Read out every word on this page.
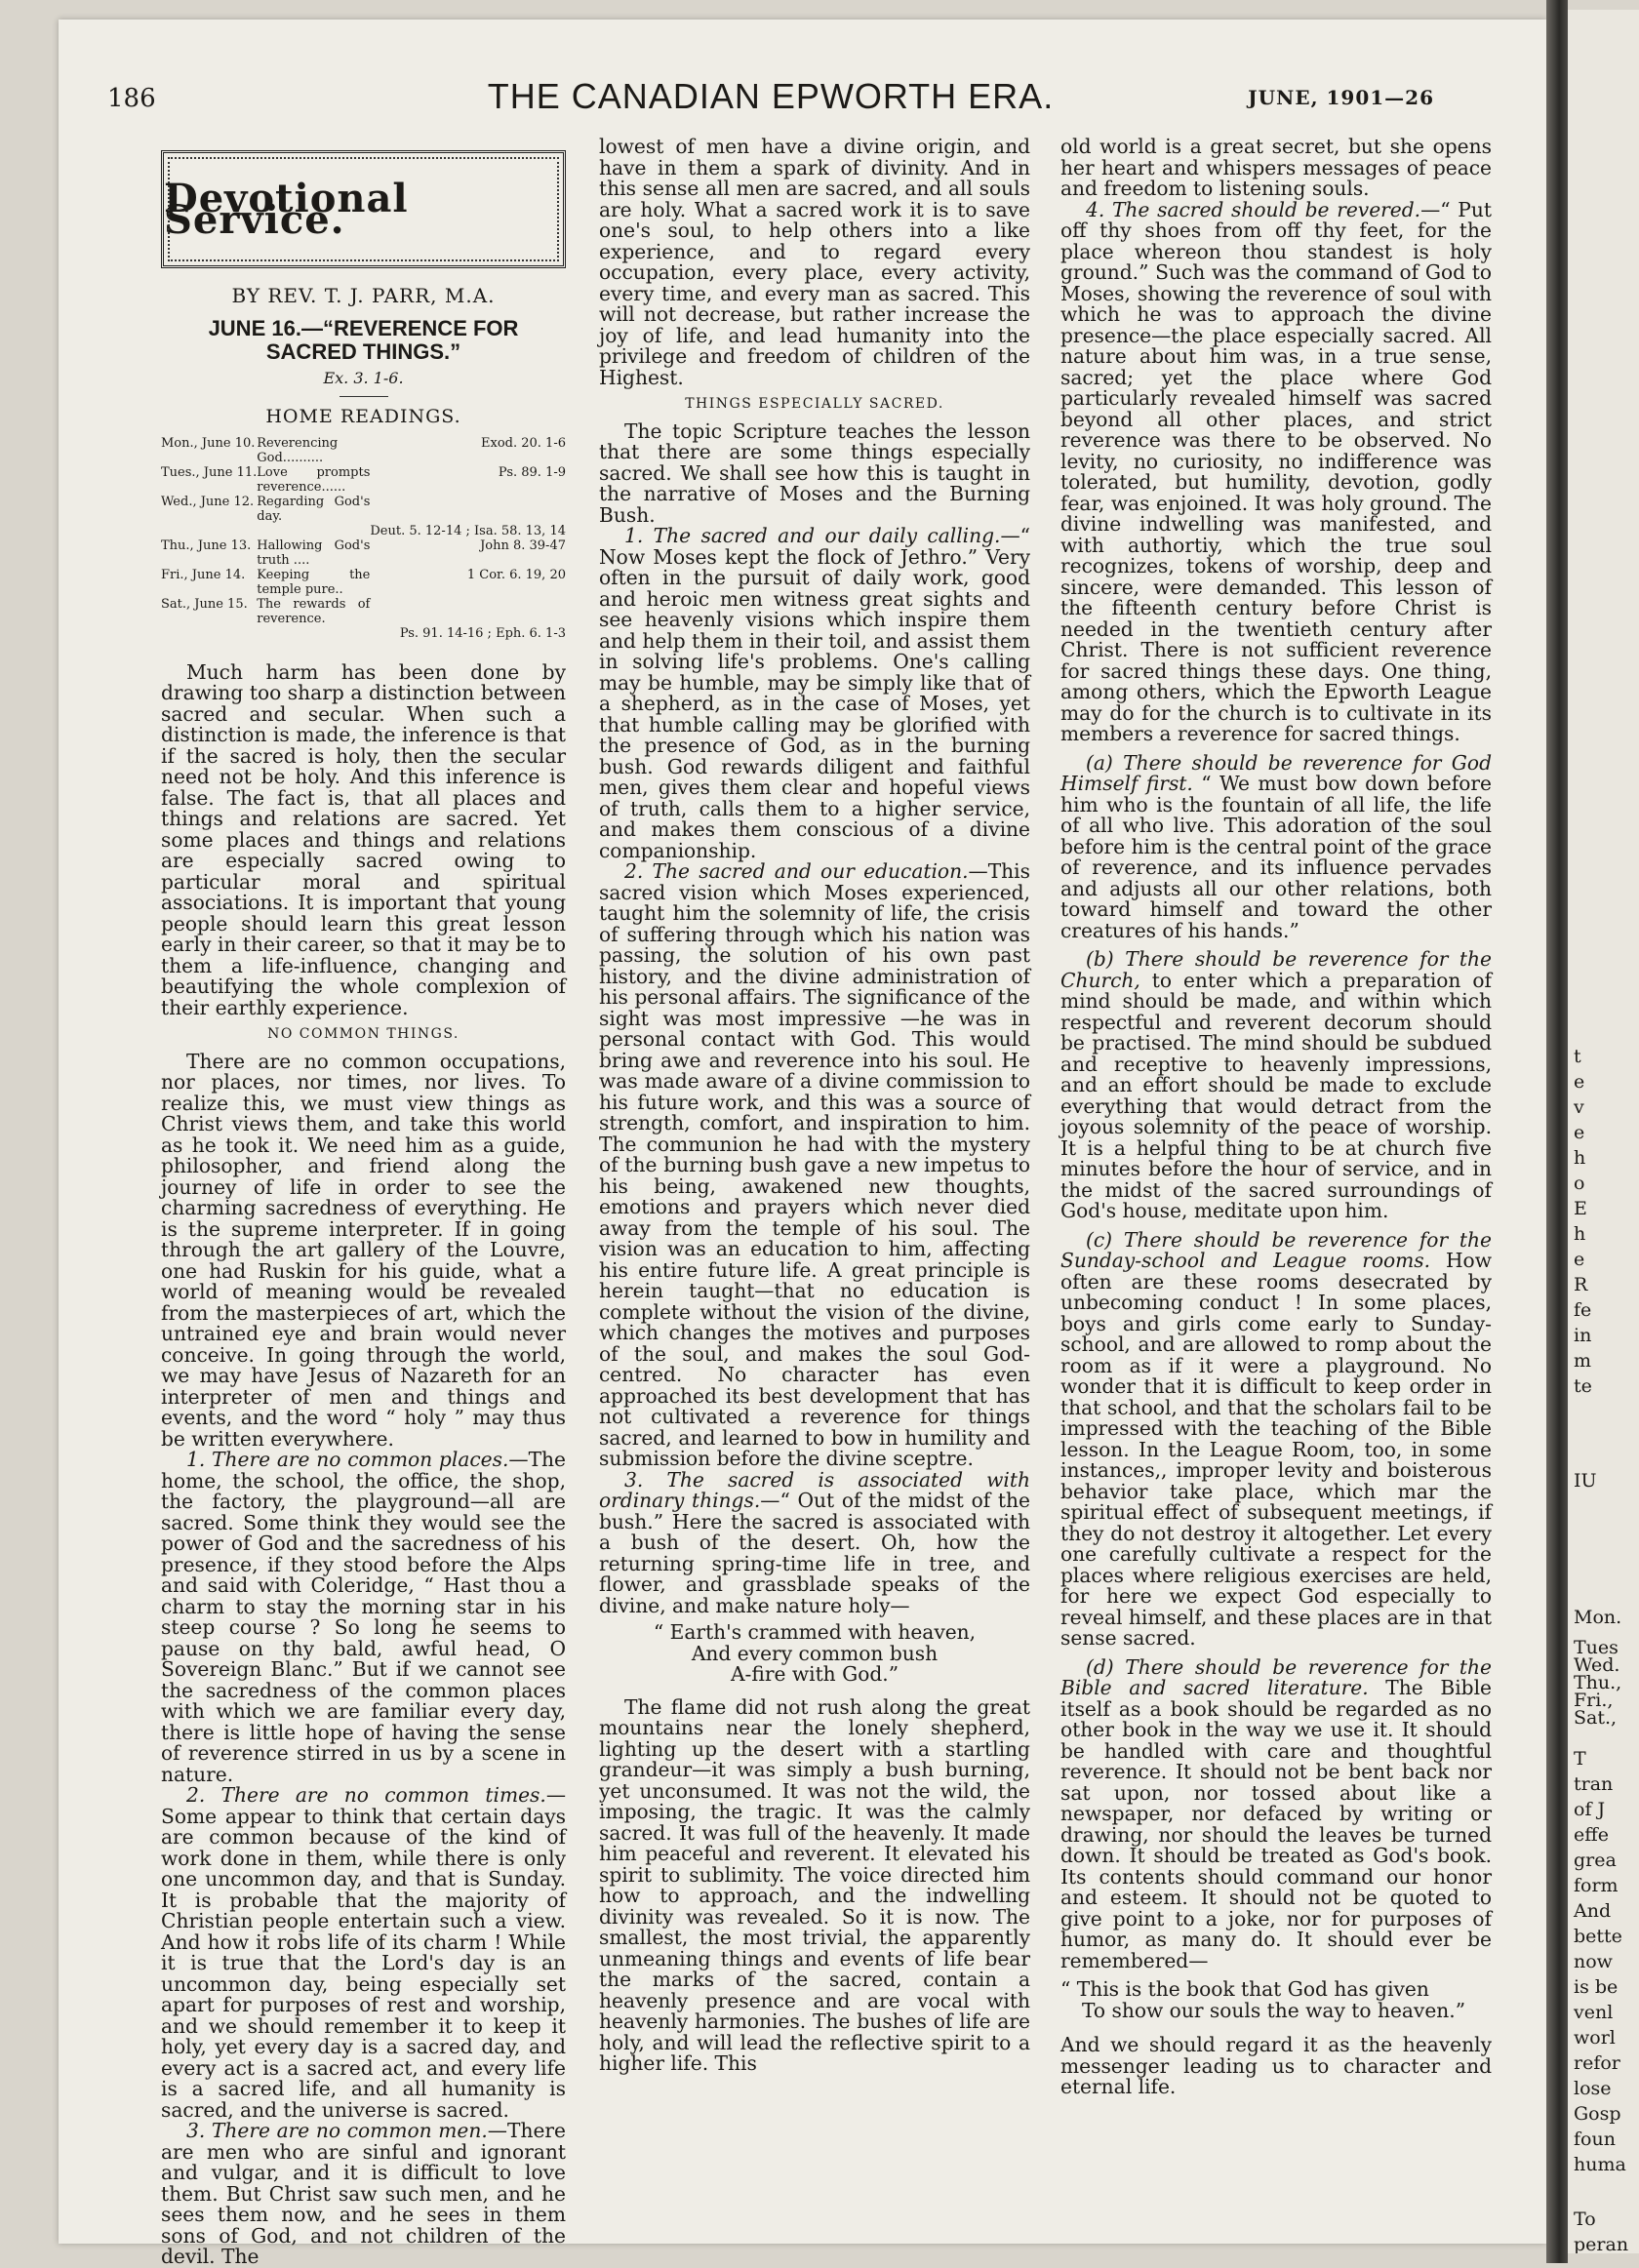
t
e
v
e
h
o
E
h
e
R
fe
in
m
te
IU
Mon.
Tues
Wed.
Thu.,
Fri.,
Sat.,
T
tran
of J
effe
grea
form
And
bette
now
is be
venl
worl
refor
lose
Gosp
foun
huma
To
peran
186	THE CANADIAN EPWORTH ERA.	JUNE, 1901—26
Devotional Service.
BY REV. T. J. PARR, M.A.
JUNE 16.—“REVERENCE FOR SACRED THINGS.”
Ex. 3. 1-6.
HOME READINGS.
Mon., June 10.	Reverencing God..........	Exod. 20. 1-6
Tues., June 11.	Love prompts reverence......	Ps. 89. 1-9
Wed., June 12.	Regarding God's day.	
		Deut. 5. 12-14 ; Isa. 58. 13, 14
Thu., June 13.	Hallowing God's truth ....	John 8. 39-47
Fri., June 14.	Keeping the temple pure..	1 Cor. 6. 19, 20
Sat., June 15.	The rewards of reverence.	
		Ps. 91. 14-16 ; Eph. 6. 1-3

Much harm has been done by drawing too sharp a distinction between sacred and secular. When such a distinction is made, the inference is that if the sacred is holy, then the secular need not be holy. And this inference is false. The fact is, that all places and things and relations are sacred. Yet some places and things and relations are especially sacred owing to particular moral and spiritual associations. It is important that young people should learn this great lesson early in their career, so that it may be to them a life-influence, changing and beautifying the whole complexion of their earthly experience.

NO COMMON THINGS.

There are no common occupations, nor places, nor times, nor lives. To realize this, we must view things as Christ views them, and take this world as he took it. We need him as a guide, philosopher, and friend along the journey of life in order to see the charming sacredness of everything. He is the supreme interpreter. If in going through the art gallery of the Louvre, one had Ruskin for his guide, what a world of meaning would be revealed from the masterpieces of art, which the untrained eye and brain would never conceive. In going through the world, we may have Jesus of Nazareth for an interpreter of men and things and events, and the word “ holy ” may thus be written everywhere.

1. There are no common places.—The home, the school, the office, the shop, the factory, the playground—all are sacred. Some think they would see the power of God and the sacredness of his presence, if they stood before the Alps and said with Coleridge, “ Hast thou a charm to stay the morning star in his steep course ? So long he seems to pause on thy bald, awful head, O Sovereign Blanc.” But if we cannot see the sacredness of the common places with which we are familiar every day, there is little hope of having the sense of reverence stirred in us by a scene in nature.

2. There are no common times.—Some appear to think that certain days are common because of the kind of work done in them, while there is only one uncommon day, and that is Sunday. It is probable that the majority of Christian people entertain such a view. And how it robs life of its charm ! While it is true that the Lord's day is an uncommon day, being especially set apart for purposes of rest and worship, and we should remember it to keep it holy, yet every day is a sacred day, and every act is a sacred act, and every life is a sacred life, and all humanity is sacred, and the universe is sacred.

3. There are no common men.—There are men who are sinful and ignorant and vulgar, and it is difficult to love them. But Christ saw such men, and he sees them now, and he sees in them sons of God, and not children of the devil. The

lowest of men have a divine origin, and have in them a spark of divinity. And in this sense all men are sacred, and all souls are holy. What a sacred work it is to save one's soul, to help others into a like experience, and to regard every occupation, every place, every activity, every time, and every man as sacred. This will not decrease, but rather increase the joy of life, and lead humanity into the privilege and freedom of children of the Highest.

THINGS ESPECIALLY SACRED.

The topic Scripture teaches the lesson that there are some things especially sacred. We shall see how this is taught in the narrative of Moses and the Burning Bush.

1. The sacred and our daily calling.—“ Now Moses kept the flock of Jethro.” Very often in the pursuit of daily work, good and heroic men witness great sights and see heavenly visions which inspire them and help them in their toil, and assist them in solving life's problems. One's calling may be humble, may be simply like that of a shepherd, as in the case of Moses, yet that humble calling may be glorified with the presence of God, as in the burning bush. God rewards diligent and faithful men, gives them clear and hopeful views of truth, calls them to a higher service, and makes them conscious of a divine companionship.

2. The sacred and our education.—This sacred vision which Moses experienced, taught him the solemnity of life, the crisis of suffering through which his nation was passing, the solution of his own past history, and the divine administration of his personal affairs. The significance of the sight was most impressive —he was in personal contact with God. This would bring awe and reverence into his soul. He was made aware of a divine commission to his future work, and this was a source of strength, comfort, and inspiration to him. The communion he had with the mystery of the burning bush gave a new impetus to his being, awakened new thoughts, emotions and prayers which never died away from the temple of his soul. The vision was an education to him, affecting his entire future life. A great principle is herein taught—that no education is complete without the vision of the divine, which changes the motives and purposes of the soul, and makes the soul God-centred. No character has even approached its best development that has not cultivated a reverence for things sacred, and learned to bow in humility and submission before the divine sceptre.

3. The sacred is associated with ordinary things.—“ Out of the midst of the bush.” Here the sacred is associated with a bush of the desert. Oh, how the returning spring-time life in tree, and flower, and grassblade speaks of the divine, and make nature holy—

“ Earth's crammed with heaven,
And every common bush
A-fire with God.”

The flame did not rush along the great mountains near the lonely shepherd, lighting up the desert with a startling grandeur—it was simply a bush burning, yet unconsumed. It was not the wild, the imposing, the tragic. It was the calmly sacred. It was full of the heavenly. It made him peaceful and reverent. It elevated his spirit to sublimity. The voice directed him how to approach, and the indwelling divinity was revealed. So it is now. The smallest, the most trivial, the apparently unmeaning things and events of life bear the marks of the sacred, contain a heavenly presence and are vocal with heavenly harmonies. The bushes of life are holy, and will lead the reflective spirit to a higher life. This

old world is a great secret, but she opens her heart and whispers messages of peace and freedom to listening souls.

4. The sacred should be revered.—“ Put off thy shoes from off thy feet, for the place whereon thou standest is holy ground.” Such was the command of God to Moses, showing the reverence of soul with which he was to approach the divine presence—the place especially sacred. All nature about him was, in a true sense, sacred; yet the place where God particularly revealed himself was sacred beyond all other places, and strict reverence was there to be observed. No levity, no curiosity, no indifference was tolerated, but humility, devotion, godly fear, was enjoined. It was holy ground. The divine indwelling was manifested, and with authortiy, which the true soul recognizes, tokens of worship, deep and sincere, were demanded. This lesson of the fifteenth century before Christ is needed in the twentieth century after Christ. There is not sufficient reverence for sacred things these days. One thing, among others, which the Epworth League may do for the church is to cultivate in its members a reverence for sacred things.

(a) There should be reverence for God Himself first. “ We must bow down before him who is the fountain of all life, the life of all who live. This adoration of the soul before him is the central point of the grace of reverence, and its influence pervades and adjusts all our other relations, both toward himself and toward the other creatures of his hands.”

(b) There should be reverence for the Church, to enter which a preparation of mind should be made, and within which respectful and reverent decorum should be practised. The mind should be subdued and receptive to heavenly impressions, and an effort should be made to exclude everything that would detract from the joyous solemnity of the peace of worship. It is a helpful thing to be at church five minutes before the hour of service, and in the midst of the sacred surroundings of God's house, meditate upon him.

(c) There should be reverence for the Sunday-school and League rooms. How often are these rooms desecrated by unbecoming conduct ! In some places, boys and girls come early to Sunday-school, and are allowed to romp about the room as if it were a playground. No wonder that it is difficult to keep order in that school, and that the scholars fail to be impressed with the teaching of the Bible lesson. In the League Room, too, in some instances,, improper levity and boisterous behavior take place, which mar the spiritual effect of subsequent meetings, if they do not destroy it altogether. Let every one carefully cultivate a respect for the places where religious exercises are held, for here we expect God especially to reveal himself, and these places are in that sense sacred.

(d) There should be reverence for the Bible and sacred literature. The Bible itself as a book should be regarded as no other book in the way we use it. It should be handled with care and thoughtful reverence. It should not be bent back nor sat upon, nor tossed about like a newspaper, nor defaced by writing or drawing, nor should the leaves be turned down. It should be treated as God's book. Its contents should command our honor and esteem. It should not be quoted to give point to a joke, nor for purposes of humor, as many do. It should ever be remembered—

“ This is the book that God has given
To show our souls the way to heaven.”

And we should regard it as the heavenly messenger leading us to character and eternal life.
